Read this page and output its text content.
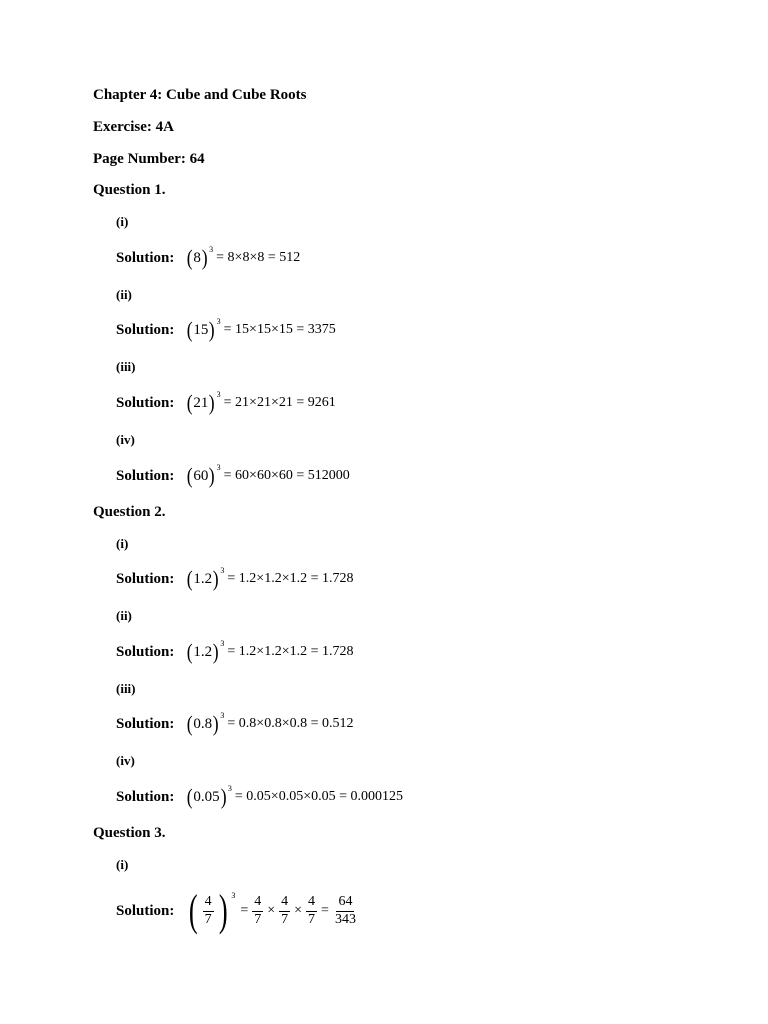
Chapter 4: Cube and Cube Roots
Exercise: 4A
Page Number: 64
Question 1.
(i)
Solution: ( 8 ) 3
= 8×8×8 = 512
(ii)
Solution: ( 15 ) 3
= 15×15×15 = 3375
(iii)
Solution: ( 21 ) 3
= 21×21×21 = 9261
(iv)
Solution: ( 60 ) 3
= 60×60×60 = 512000
Question 2.
(i)
Solution: ( 1.2 ) 3
= 1.2×1.2×1.2 = 1.728
(ii)
Solution: ( 1.2 ) 3
= 1.2×1.2×1.2 = 1.728
(iii)
Solution: ( 0.8 ) 3
= 0.8×0.8×0.8 = 0.512
(iv)
Solution: ( 0.05 ) 3
= 0.05×0.05×0.05 = 0.000125
Question 3.
(i)
Solution: ( $\frac{4}{7}$ ) 3
= $\frac{4}{7} \times \frac{4}{7} \times \frac{4}{7} = \frac{64}{343}$
